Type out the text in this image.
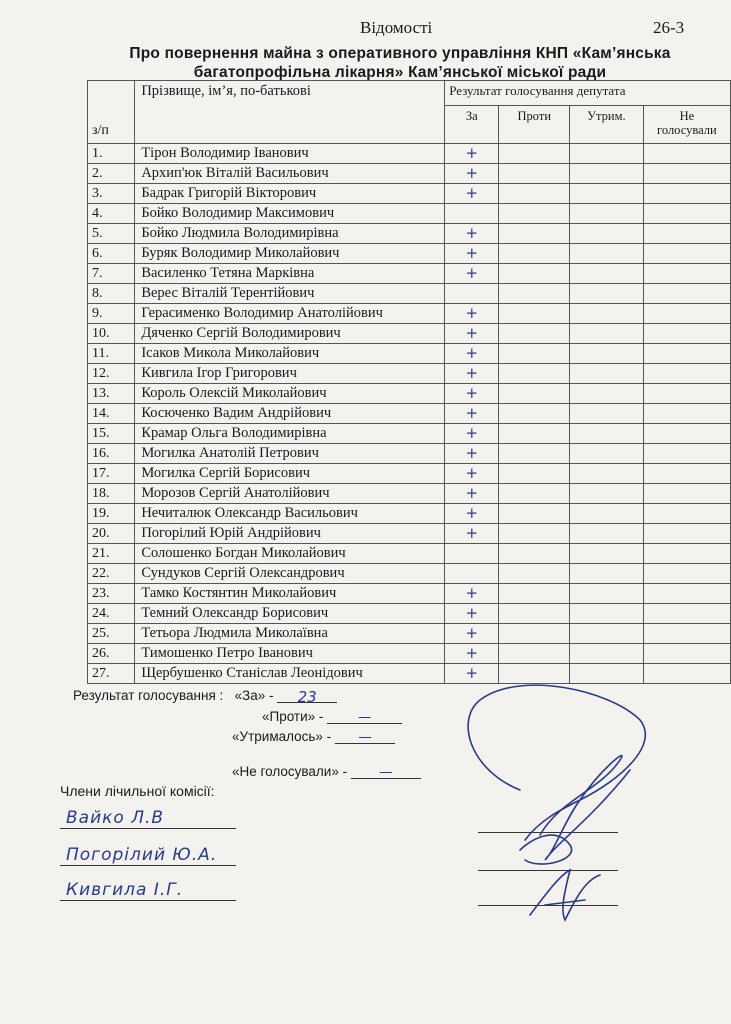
Відомості	26-3
Про повернення майна з оперативного управління КНП «Кам’янська
багатопрофільна лікарня» Кам’янської міської ради
з/п	Прізвище, ім’я, по-батькові	Результат голосування депутата			
		За	Проти	Утрим.	Не
голосували

1.	Тірон Володимир Іванович	+			
2.	Архип'юк Віталій Васильович	+			
3.	Бадрак Григорій Вікторович	+			
4.	Бойко Володимир Максимович				
5.	Бойко Людмила Володимирівна	+			
6.	Буряк Володимир Миколайович	+			
7.	Василенко Тетяна Марківна	+			
8.	Верес Віталій Терентійович				
9.	Герасименко Володимир Анатолійович	+			
10.	Дяченко Сергій Володимирович	+			
11.	Ісаков Микола Миколайович	+			
12.	Кивгила Ігор Григорович	+			
13.	Король Олексій Миколайович	+			
14.	Косюченко Вадим Андрійович	+			
15.	Крамар Ольга Володимирівна	+			
16.	Могилка Анатолій Петрович	+			
17.	Могилка Сергій Борисович	+			
18.	Морозов Сергій Анатолійович	+			
19.	Нечиталюк Олександр Васильович	+			
20.	Погорілий Юрій Андрійович	+			
21.	Солошенко Богдан Миколайович				
22.	Сундуков Сергій Олександрович				
23.	Тамко Костянтин Миколайович	+			
24.	Темний Олександр Борисович	+			
25.	Тетьора Людмила Миколаївна	+			
26.	Тимошенко Петро Іванович	+			
27.	Щербушенко Станіслав Леонідович	+			
Результат голосування : «За» - 23
«Проти» -	—
«Утрималось» - —
«Не голосували» - —
Члени лічильної комісії:
Вайко Л.В
Погорілий Ю.А.
Кивгила І.Г.
